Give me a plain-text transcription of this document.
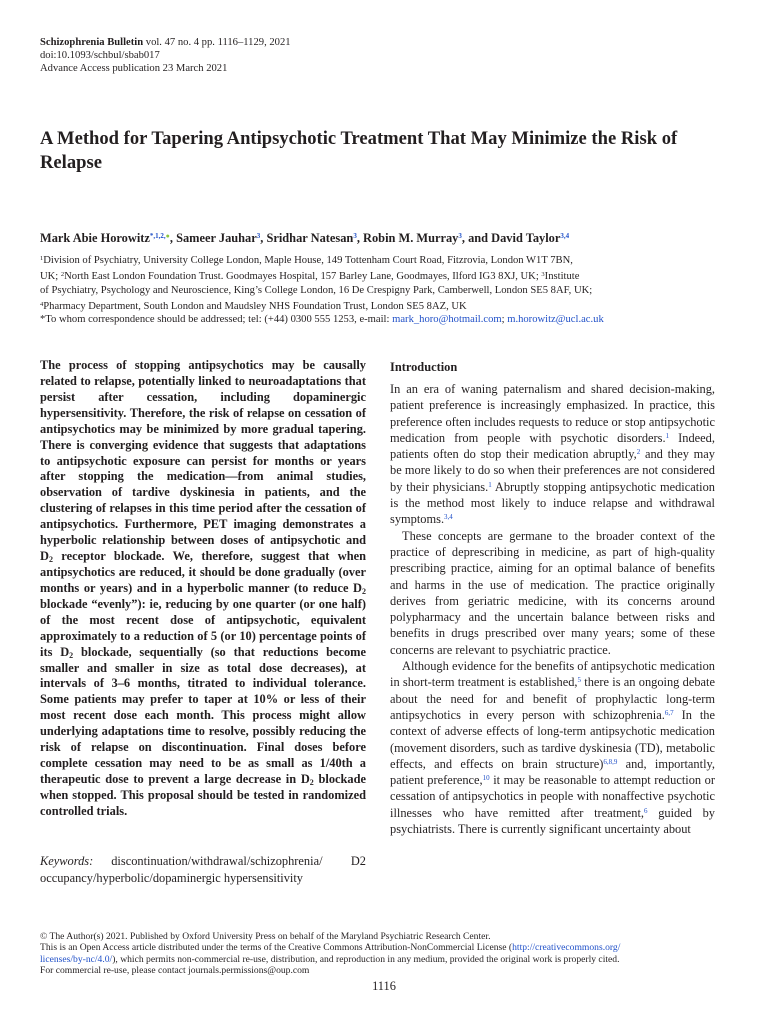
Schizophrenia Bulletin vol. 47 no. 4 pp. 1116–1129, 2021
doi:10.1093/schbul/sbab017
Advance Access publication 23 March 2021
A Method for Tapering Antipsychotic Treatment That May Minimize the Risk of Relapse
Mark Abie Horowitz$^{*,1,2,●}$, Sameer Jauhar$^3$, Sridhar Natesan$^3$, Robin M. Murray$^3$, and David Taylor$^{3,4}$

$^1$Division of Psychiatry, University College London, Maple House, 149 Tottenham Court Road, Fitzrovia, London W1T 7BN,

UK; $^2$North East London Foundation Trust. Goodmayes Hospital, 157 Barley Lane, Goodmayes, Ilford IG3 8XJ, UK; $^3$Institute

of Psychiatry, Psychology and Neuroscience, King’s College London, 16 De Crespigny Park, Camberwell, London SE5 8AF, UK;

$^4$Pharmacy Department, South London and Maudsley NHS Foundation Trust, London SE5 8AZ, UK

*To whom correspondence should be addressed; tel: (+44) 0300 555 1253, e-mail: mark_horo@hotmail.com; m.horowitz@ucl.ac.uk

The process of stopping antipsychotics may be causally related to relapse, potentially linked to neuroadaptations that persist after cessation, including dopaminergic hypersensitivity. Therefore, the risk of relapse on cessation of antipsychotics may be minimized by more gradual tapering. There is converging evidence that suggests that adaptations to antipsychotic exposure can persist for months or years after stopping the medication—from animal studies, observation of tardive dyskinesia in patients, and the clustering of relapses in this time period after the cessation of antipsychotics. Furthermore, PET imaging demonstrates a hyperbolic relationship between doses of antipsychotic and $D_2$ receptor blockade. We, therefore, suggest that when antipsychotics are reduced, it should be done gradually (over months or years) and in a hyperbolic manner (to reduce $D_2$ blockade “evenly”): ie, reducing by one quarter (or one half) of the most recent dose of antipsychotic, equivalent approximately to a reduction of 5 (or 10) percentage points of its $D_2$ blockade, sequentially (so that reductions become smaller and smaller in size as total dose decreases), at intervals of 3–6 months, titrated to individual tolerance. Some patients may prefer to taper at 10% or less of their most recent dose each month. This process might allow underlying adaptations time to resolve, possibly reducing the risk of relapse on discontinuation. Final doses before complete cessation may need to be as small as 1/40th a therapeutic dose to prevent a large decrease in $D_2$ blockade when stopped. This proposal should be tested in randomized controlled trials.

Keywords: discontinuation/withdrawal/schizophrenia/ D2 occupancy/hyperbolic/dopaminergic hypersensitivity
Introduction

In an era of waning paternalism and shared decision-making, patient preference is increasingly emphasized. In practice, this preference often includes requests to reduce or stop antipsychotic medication from people with psychotic disorders.$^1$ Indeed, patients often do stop their medication abruptly,$^2$ and they may be more likely to do so when their preferences are not considered by their physicians.$^1$ Abruptly stopping antipsychotic medication is the method most likely to induce relapse and withdrawal symptoms.$^{3,4}$

These concepts are germane to the broader context of the practice of deprescribing in medicine, as part of high-quality prescribing practice, aiming for an optimal balance of benefits and harms in the use of medication. The practice originally derives from geriatric medicine, with its concerns around polypharmacy and the uncertain balance between risks and benefits in drugs prescribed over many years; some of these concerns are relevant to psychiatric practice.

Although evidence for the benefits of antipsychotic medication in short-term treatment is established,$^5$ there is an ongoing debate about the need for and benefit of prophylactic long-term antipsychotics in every person with schizophrenia.$^{6,7}$ In the context of adverse effects of long-term antipsychotic medication (movement disorders, such as tardive dyskinesia (TD), metabolic effects, and effects on brain structure)$^{6,8,9}$ and, importantly, patient preference,$^{10}$ it may be reasonable to attempt reduction or cessation of antipsychotics in people with nonaffective psychotic illnesses who have remitted after treatment,$^6$ guided by psychiatrists. There is currently significant uncertainty about

© The Author(s) 2021. Published by Oxford University Press on behalf of the Maryland Psychiatric Research Center.

This is an Open Access article distributed under the terms of the Creative Commons Attribution-NonCommercial License (http://creativecommons.org/

licenses/by-nc/4.0/), which permits non-commercial re-use, distribution, and reproduction in any medium, provided the original work is properly cited.

For commercial re-use, please contact journals.permissions@oup.com

1116
